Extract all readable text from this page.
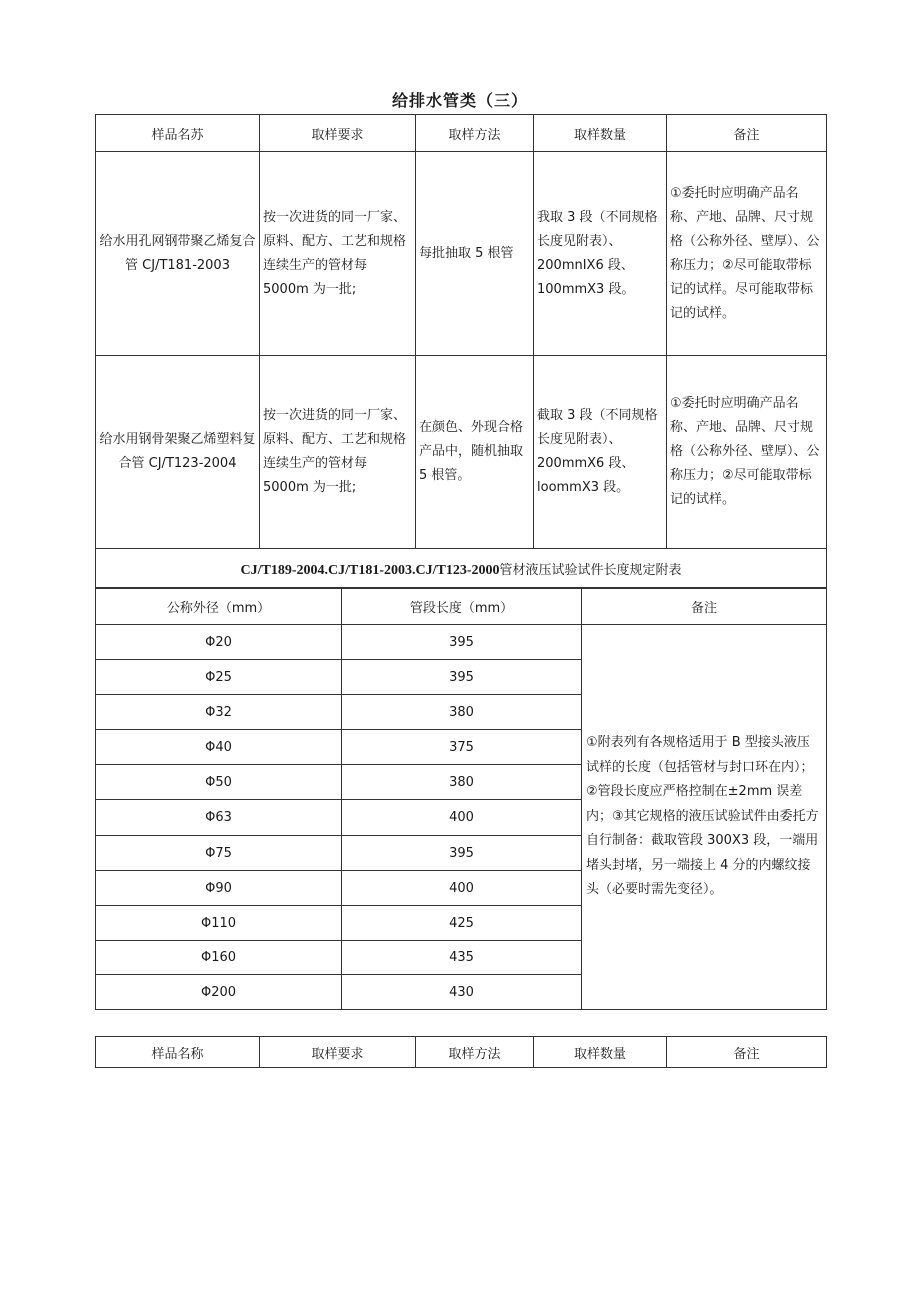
给排水管类（三）
样品名苏	取样要求	取样方法	取样数量	备注
给水用孔网钢带聚乙烯复合管 CJ/T181-2003	按一次进货的同一厂家、原料、配方、工艺和规格连续生产的管材每 5000m 为一批;	每批抽取 5 根管	我取 3 段（不同规格长度见附表）、200mnIX6 段、100mmX3 段。	①委托时应明确产品名称、产地、品牌、尺寸规格（公称外径、壁厚）、公称压力；②尽可能取带标记的试样。尽可能取带标记的试样。
给水用钢骨架聚乙烯塑料复合管 CJ/T123-2004	按一次进货的同一厂家、原料、配方、工艺和规格连续生产的管材每 5000m 为一批;	在颜色、外现合格产品中，随机抽取 5 根管。	截取 3 段（不同规格长度见附表）、200mmX6 段、loommX3 段。	①委托时应明确产品名称、产地、品牌、尺寸规格（公称外径、壁厚）、公称压力；②尽可能取带标记的试样。
CJ/T189-2004.CJ/T181-2003.CJ/T123-2000管材液压试验试件长度规定附表				
公称外径（mm）	管段长度（mm）	备注
Φ20	395	①附表列有各规格适用于 B 型接头液压试样的长度（包括管材与封口环在内）；②管段长度应严格控制在±2mm 误差内；③其它规格的液压试验试件由委托方自行制备：截取管段 300X3 段，一端用堵头封堵，另一端接上 4 分的内螺纹接头（必要时需先变径）。
Φ25	395	
Φ32	380	
Φ40	375	
Φ50	380	
Φ63	400	
Φ75	395	
Φ90	400	
Φ110	425	
Φ160	435	
Φ200	430	
样品名称	取样要求	取样方法	取样数量	备注
